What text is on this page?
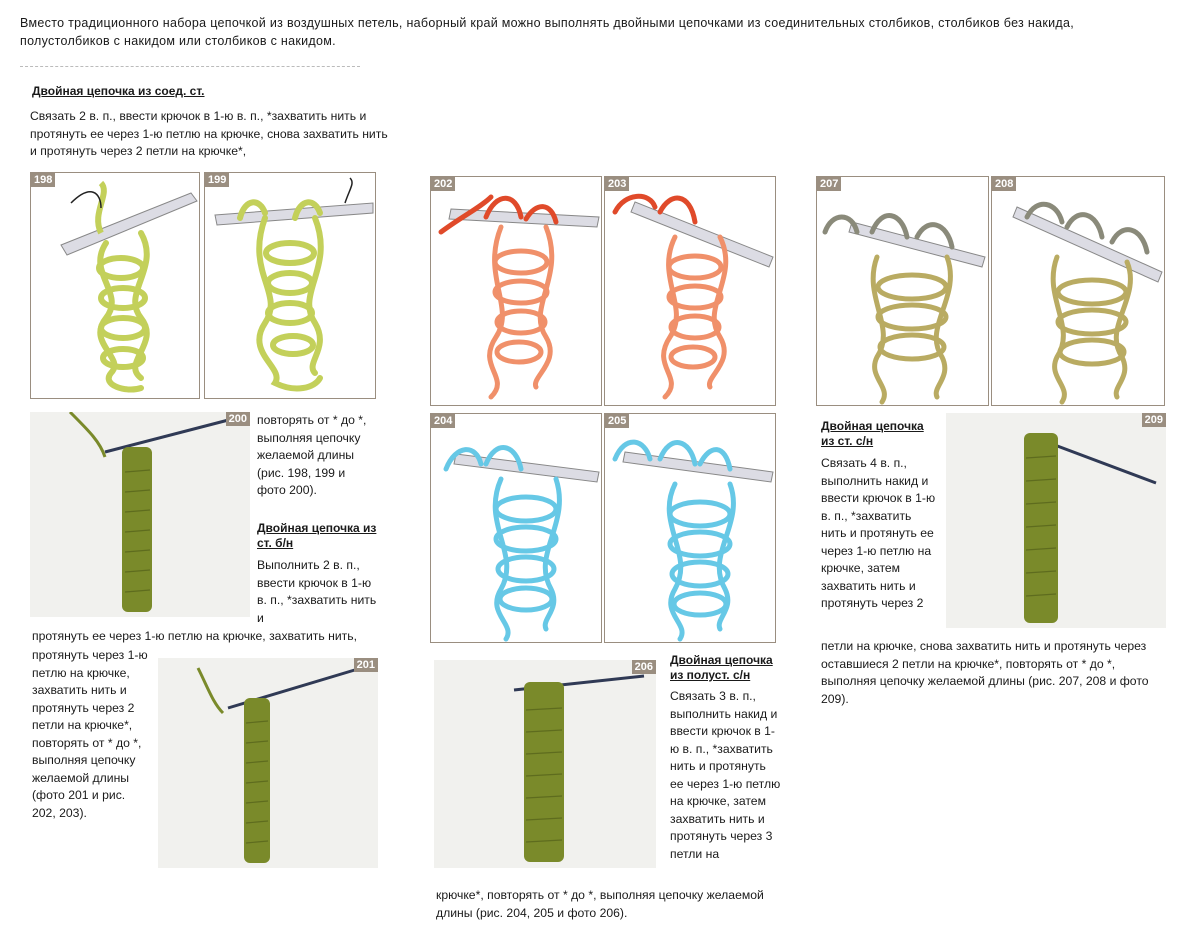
Вместо традиционного набора цепочкой из воздушных петель, наборный край можно выполнять двойными цепочками из соединительных столбиков, столбиков без накида, полустолбиков с накидом или столбиков с накидом.
Двойная цепочка из соед. ст.
Связать 2 в. п., ввести крючок в 1-ю в. п., *захватить нить и протянуть ее через 1-ю петлю на крючке, снова захватить нить и протянуть через 2 петли на крючке*,
198	199
200 повторять от * до *, выполняя цепочку желаемой длины (рис. 198, 199 и фото 200).
Двойная цепочка из ст. б/н
Выполнить 2 в. п., ввести крючок в 1-ю в. п., *захватить нить и
протянуть ее через 1-ю петлю на крючке, захватить нить,
протянуть через 1-ю петлю на крючке, захватить нить и протянуть через 2 петли на крючке*, повторять от * до *, выполняя цепочку желаемой длины (фото 201 и рис. 202, 203).
201
202	203
204	205
206 Двойная цепочка из полуст. с/н
Связать 3 в. п., выполнить накид и ввести крючок в 1-ю в. п., *захватить нить и протянуть ее через 1-ю петлю на крючке, затем захватить нить и протянуть через 3 петли на
крючке*, повторять от * до *, выполняя цепочку желаемой длины (рис. 204, 205 и фото 206).
207	208
Двойная цепочка из ст. с/н
Связать 4 в. п., выполнить накид и ввести крючок в 1-ю в. п., *захватить нить и протянуть ее через 1-ю петлю на крючке, затем захватить нить и протянуть через 2
петли на крючке, снова захватить нить и протянуть через оставшиеся 2 петли на крючке*, повторять от * до *, выполняя цепочку желаемой длины (рис. 207, 208 и фото 209).
209
